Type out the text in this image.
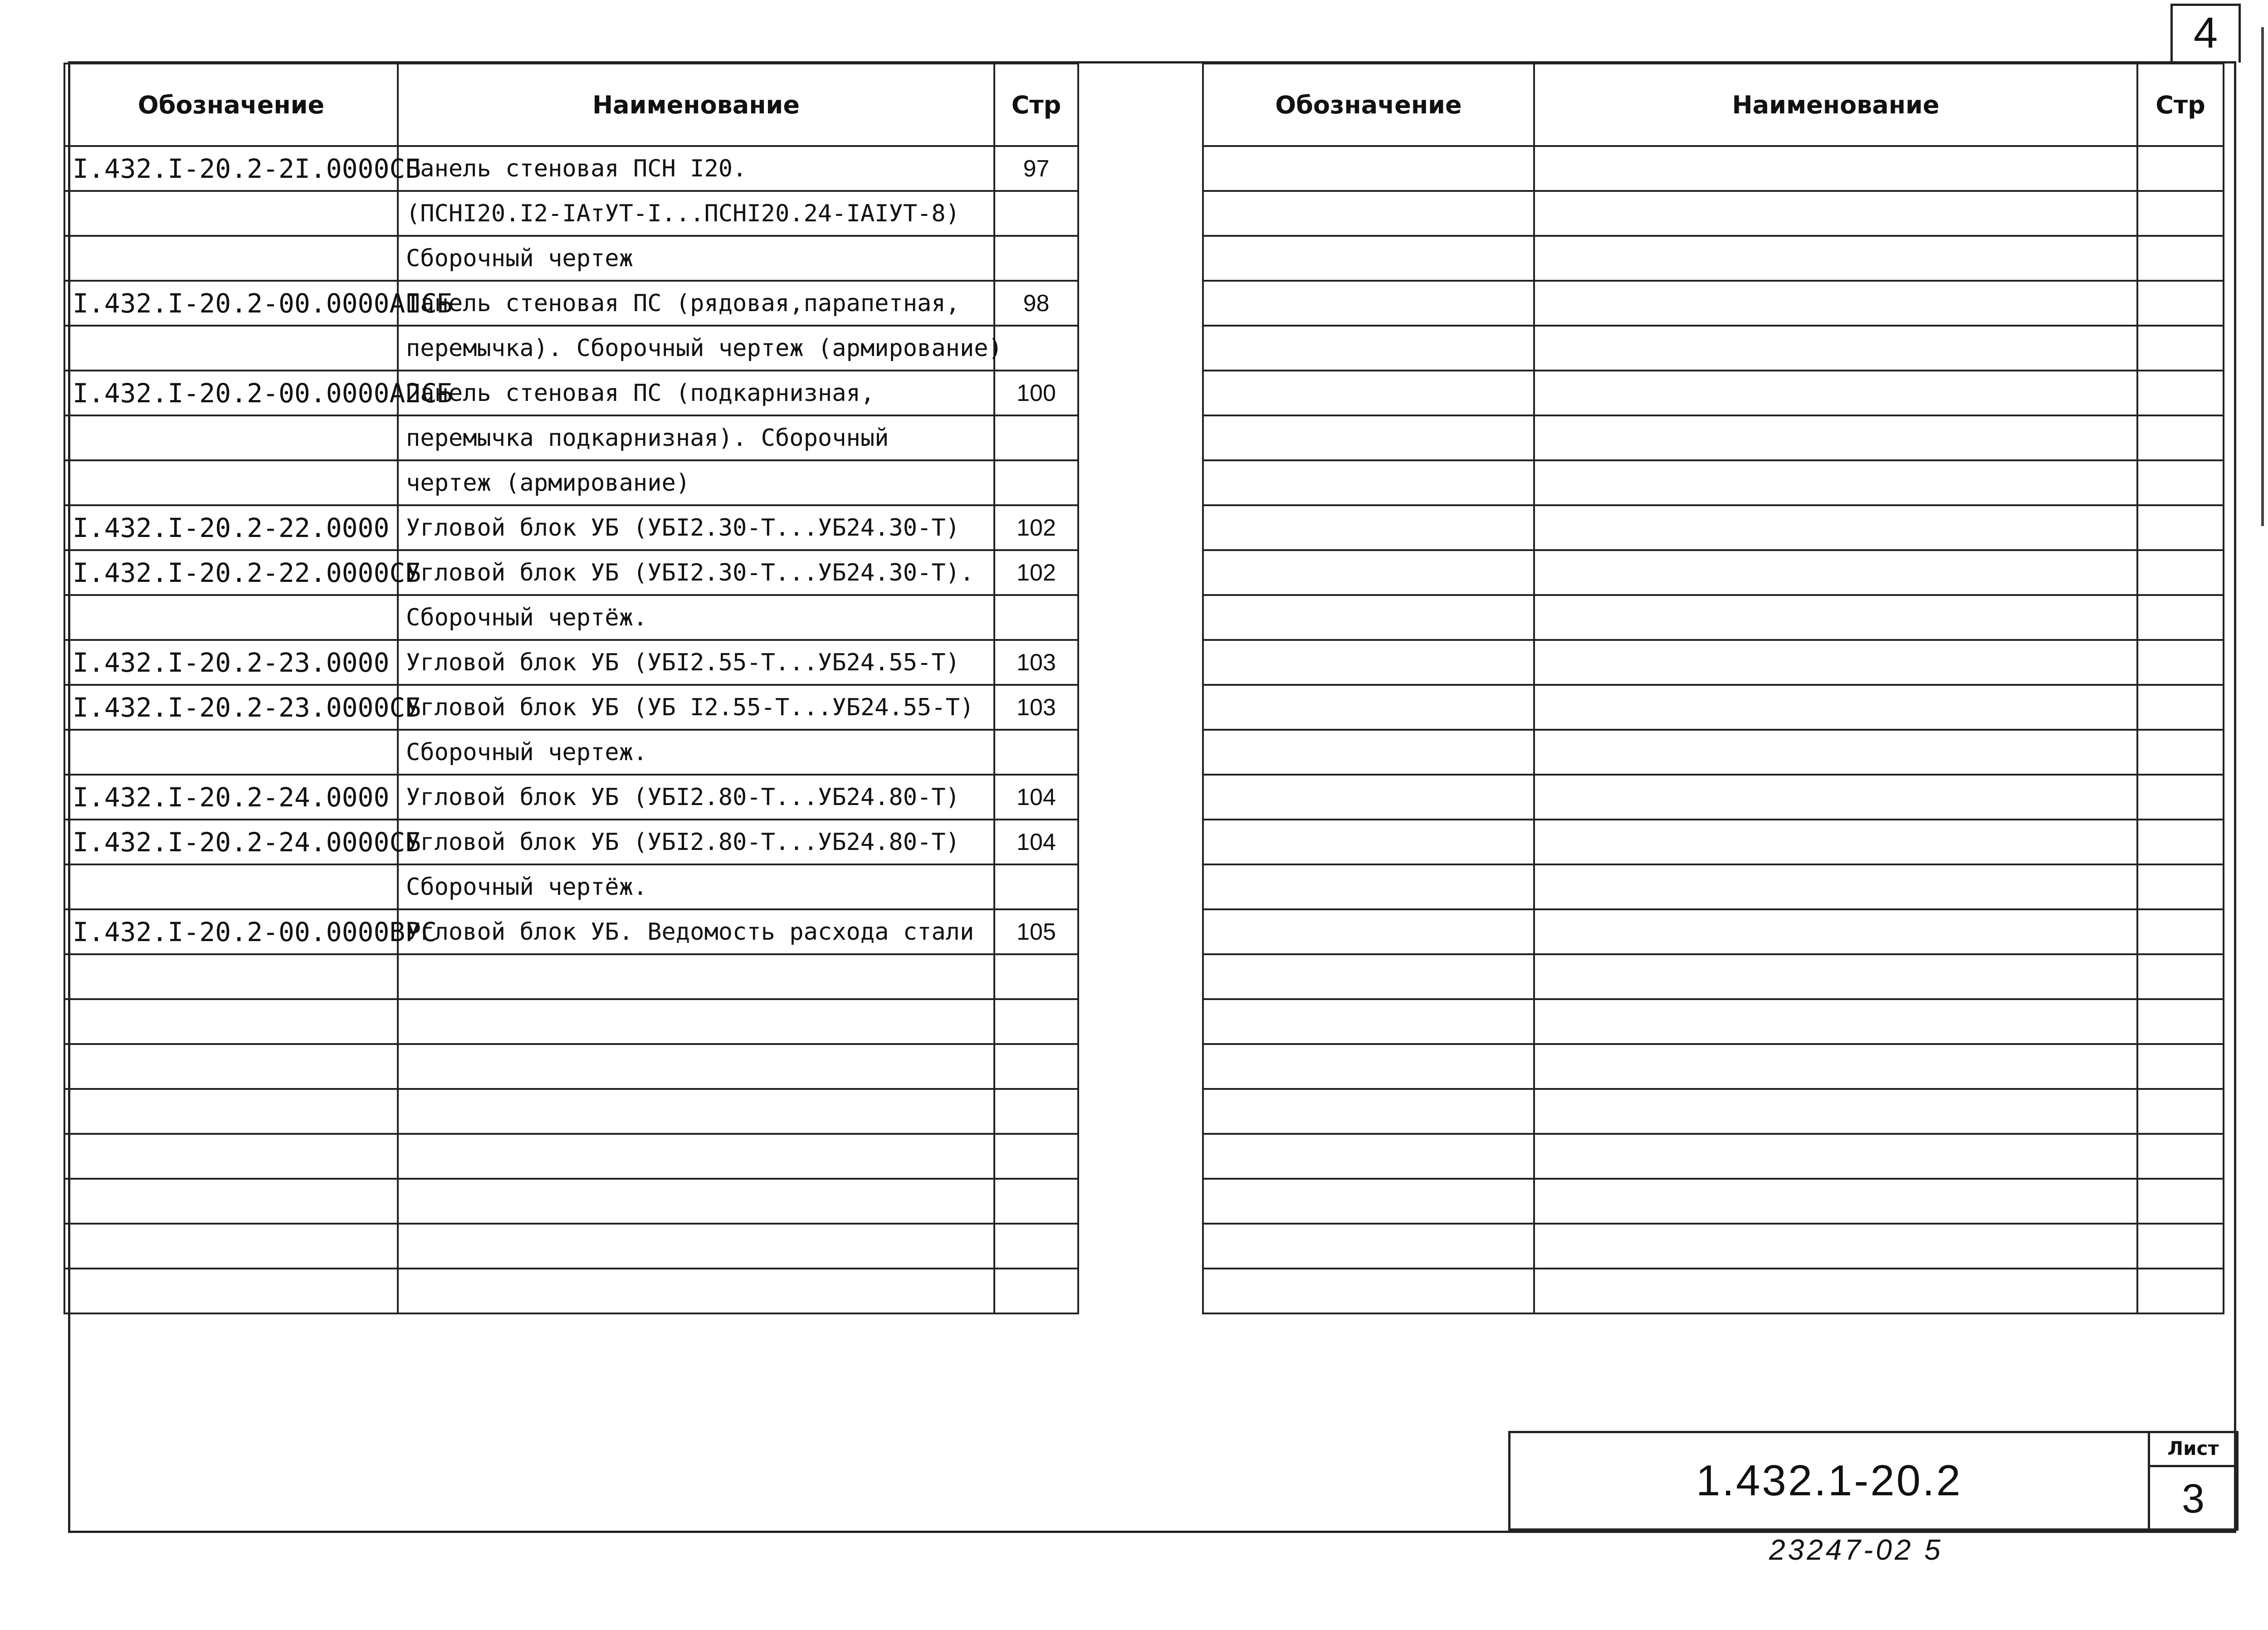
4
Обозначение	Наименование	Стр
I.432.I-20.2-2I.0000СБ	Панель стеновая ПСН I20.	97
	(ПСНI20.I2-IАтУТ-I...ПСНI20.24-IАIУТ-8)	
	Сборочный чертеж	
I.432.I-20.2-00.0000АIСБ	Панель стеновая ПС (рядовая,парапетная,	98
	перемычка). Сборочный чертеж (армирование)	
I.432.I-20.2-00.0000А2СБ	Панель стеновая ПС (подкарнизная,	100
	перемычка подкарнизная). Сборочный	
	чертеж (армирование)	
I.432.I-20.2-22.0000	Угловой блок УБ (УБI2.30-Т...УБ24.30-Т)	102
I.432.I-20.2-22.0000СБ	Угловой блок УБ (УБI2.30-Т...УБ24.30-Т).	102
	Сборочный чертёж.	
I.432.I-20.2-23.0000	Угловой блок УБ (УБI2.55-Т...УБ24.55-Т)	103
I.432.I-20.2-23.0000СБ	Угловой блок УБ (УБ I2.55-Т...УБ24.55-Т)	103
	Сборочный чертеж.	
I.432.I-20.2-24.0000	Угловой блок УБ (УБI2.80-Т...УБ24.80-Т)	104
I.432.I-20.2-24.0000СБ	Угловой блок УБ (УБI2.80-Т...УБ24.80-Т)	104
	Сборочный чертёж.	
I.432.I-20.2-00.0000ВРС	Угловой блок УБ. Ведомость расхода стали	105

Обозначение	Наименование	Стр

1.432.1-20.2
Лист
3
23247-02 5
